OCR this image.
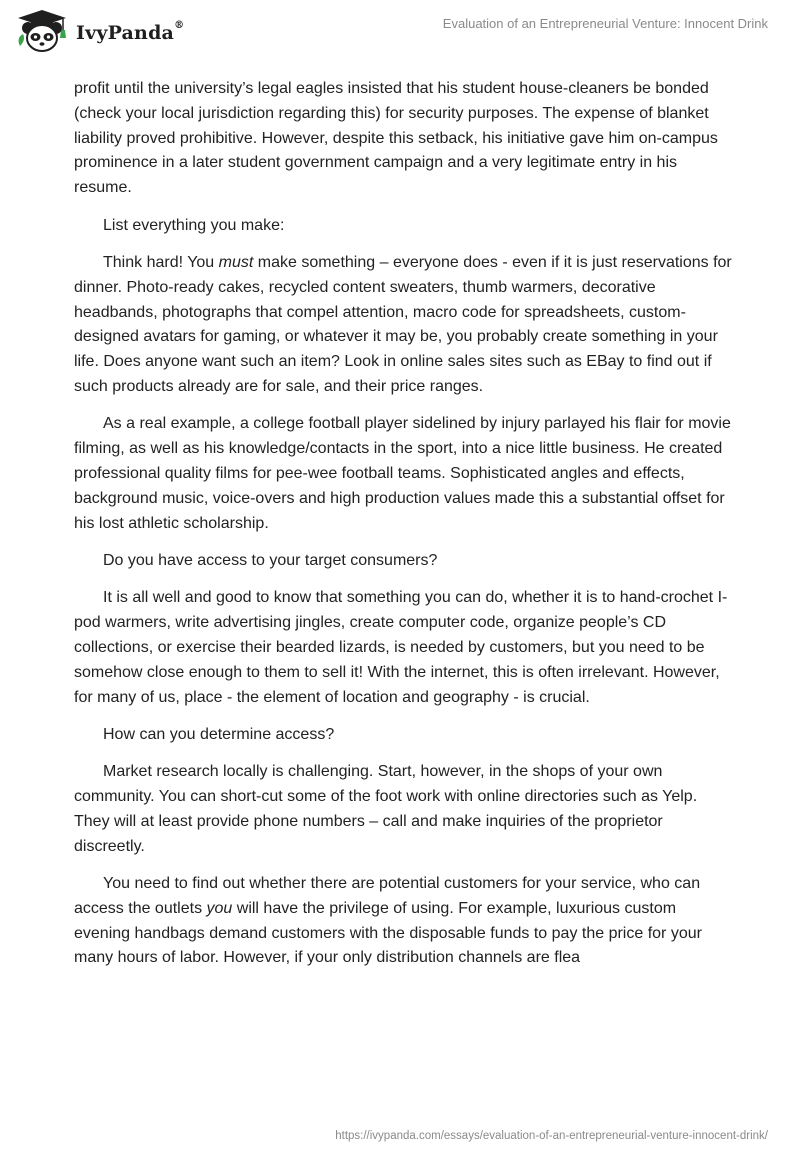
IvyPanda®	Evaluation of an Entrepreneurial Venture: Innocent Drink

profit until the university’s legal eagles insisted that his student house-cleaners be bonded (check your local jurisdiction regarding this) for security purposes. The expense of blanket liability proved prohibitive. However, despite this setback, his initiative gave him on-campus prominence in a later student government campaign and a very legitimate entry in his resume.

List everything you make:

Think hard! You must make something – everyone does - even if it is just reservations for dinner. Photo-ready cakes, recycled content sweaters, thumb warmers, decorative headbands, photographs that compel attention, macro code for spreadsheets, custom-designed avatars for gaming, or whatever it may be, you probably create something in your life. Does anyone want such an item? Look in online sales sites such as EBay to find out if such products already are for sale, and their price ranges.

As a real example, a college football player sidelined by injury parlayed his flair for movie filming, as well as his knowledge/contacts in the sport, into a nice little business. He created professional quality films for pee-wee football teams. Sophisticated angles and effects, background music, voice-overs and high production values made this a substantial offset for his lost athletic scholarship.

Do you have access to your target consumers?

It is all well and good to know that something you can do, whether it is to hand-crochet I-pod warmers, write advertising jingles, create computer code, organize people’s CD collections, or exercise their bearded lizards, is needed by customers, but you need to be somehow close enough to them to sell it! With the internet, this is often irrelevant. However, for many of us, place - the element of location and geography - is crucial.

How can you determine access?

Market research locally is challenging. Start, however, in the shops of your own community. You can short-cut some of the foot work with online directories such as Yelp. They will at least provide phone numbers – call and make inquiries of the proprietor discreetly.

You need to find out whether there are potential customers for your service, who can access the outlets you will have the privilege of using. For example, luxurious custom evening handbags demand customers with the disposable funds to pay the price for your many hours of labor. However, if your only distribution channels are flea

https://ivypanda.com/essays/evaluation-of-an-entrepreneurial-venture-innocent-drink/
